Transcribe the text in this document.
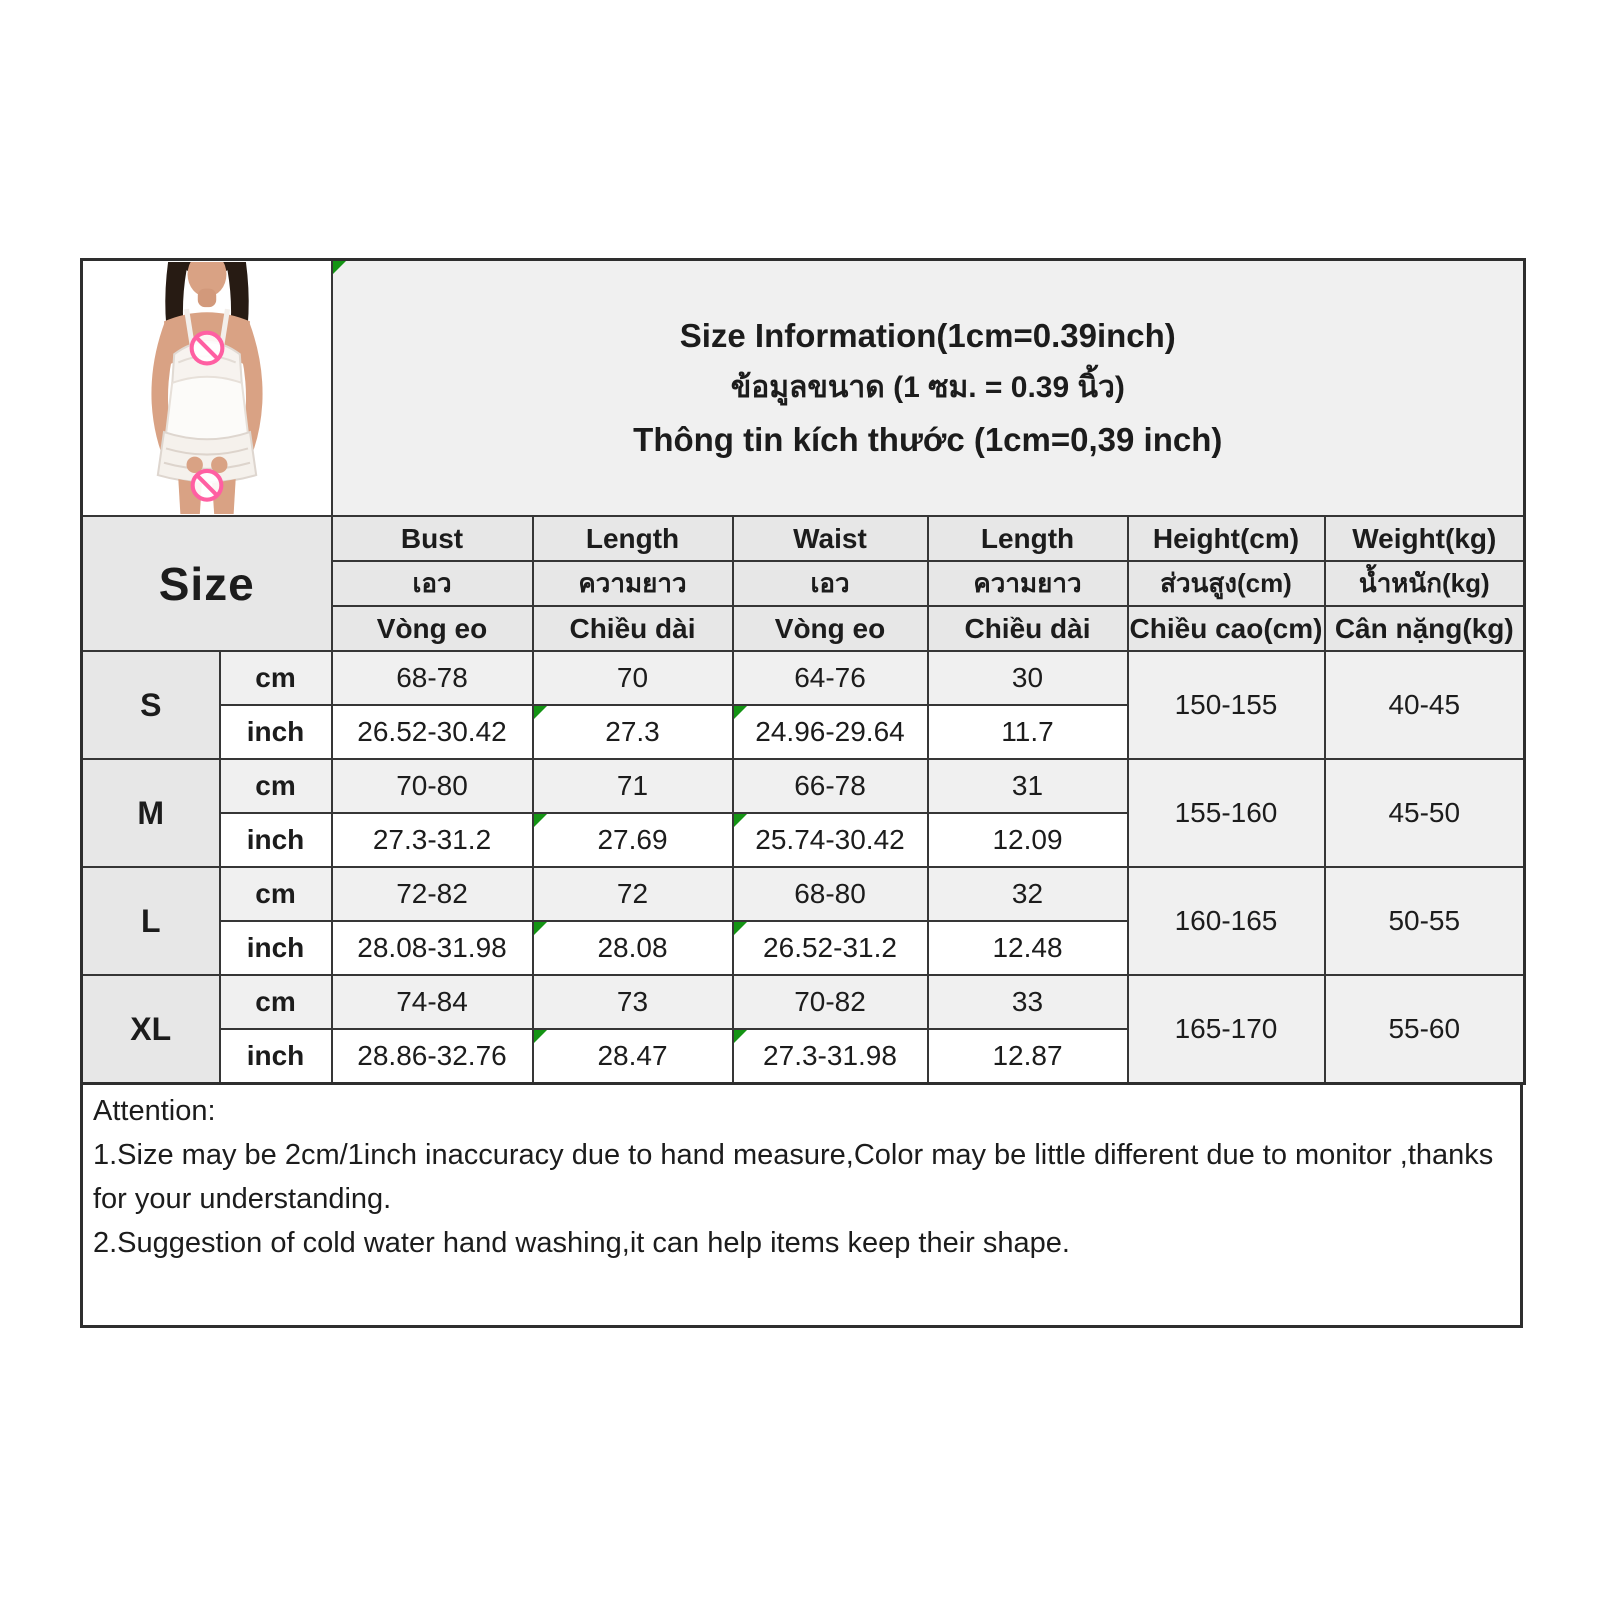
Size Information(1cm=0.39inch)
ข้อมูลขนาด (1 ซม. = 0.39 นิ้ว)
Thông tin kích thước (1cm=0,39 inch)					

Size		Bust	Length	Waist	Length	Height(cm)	Weight(kg)
		เอว	ความยาว	เอว	ความยาว	ส่วนสูง(cm)	น้ำหนัก(kg)
		Vòng eo	Chiều dài	Vòng eo	Chiều dài	Chiều cao(cm)	Cân nặng(kg)
S	cm	68-78	70	64-76	30	150-155	40-45
	inch	26.52-30.42	27.3	24.96-29.64	11.7		
M	cm	70-80	71	66-78	31	155-160	45-50
	inch	27.3-31.2	27.69	25.74-30.42	12.09		
L	cm	72-82	72	68-80	32	160-165	50-55
	inch	28.08-31.98	28.08	26.52-31.2	12.48		
XL	cm	74-84	73	70-82	33	165-170	55-60
	inch	28.86-32.76	28.47	27.3-31.98	12.87		
Attention:
1.Size may be 2cm/1inch inaccuracy due to hand measure,Color may be little different due to monitor ,thanks for your understanding.
2.Suggestion of cold water hand washing,it can help items keep their shape.
